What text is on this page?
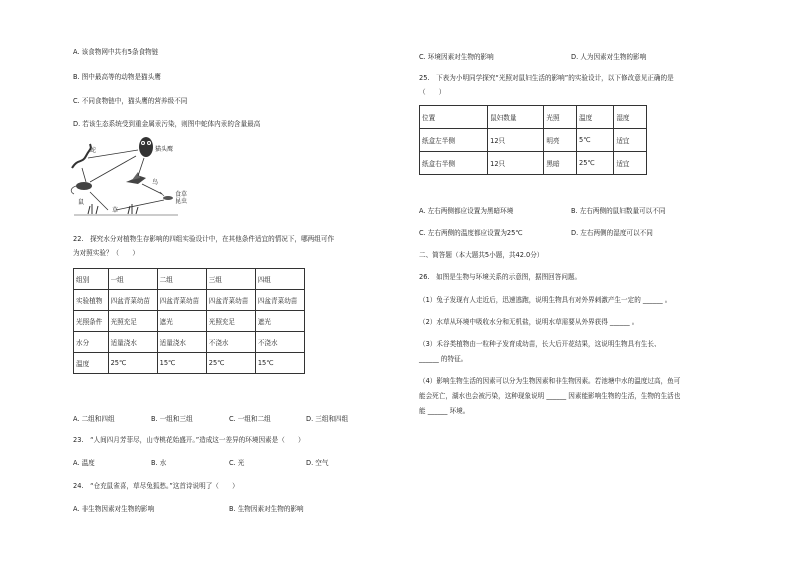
A. 该食物网中共有5条食物链
B. 图中最高等的动物是猫头鹰
C. 不同食物链中，猫头鹰的营养级不同
D. 若该生态系统受到重金属汞污染，则图中蛇体内汞的含量最高
猫头鹰
蛇
鼠
鸟
食草
昆虫
草
22.　探究水分对植物生存影响的四组实验设计中，在其他条件适宜的情况下，哪两组可作
为对照实验？（　　）
组别	一组	二组	三组	四组
实验植物	四盆青菜幼苗	四盆青菜幼苗	四盆青菜幼苗	四盆青菜幼苗
光照条件	光照充足	遮光	光照充足	遮光
水分	适量浇水	适量浇水	不浇水	不浇水
温度	25℃	15℃	25℃	15℃
A. 二组和四组	B. 一组和三组	C. 一组和二组	D. 三组和四组
23.　“人间四月芳菲尽，山寺桃花始盛开。”造成这一差异的环境因素是（　　）
A. 温度	B. 水	C. 光	D. 空气
24.　“仓充鼠雀喜，草尽兔狐愁。”这首诗说明了（　　）
A. 非生物因素对生物的影响	B. 生物因素对生物的影响
C. 环境因素对生物的影响	D. 人为因素对生物的影响
25.　下表为小明同学探究“光照对鼠妇生活的影响”的实验设计，以下修改意见正确的是
（　　）
位置	鼠妇数量	光照	温度	湿度
纸盒左半侧	12只	明亮	5℃	适宜
纸盒右半侧	12只	黑暗	25℃	适宜
A. 左右两侧都应设置为黑暗环境	B. 左右两侧的鼠妇数量可以不同
C. 左右两侧的温度都应设置为25℃	D. 左右两侧的湿度可以不同
二、简答题（本大题共5小题，共42.0分）
26.　如图是生物与环境关系的示意图，据图回答问题。
（1）兔子发现有人走近后，迅速逃跑，说明生物具有对外界刺激产生一定的 ______ 。
（2）水草从环境中吸收水分和无机盐，说明水草需要从外界获得 ______ 。
（3）禾谷类植物由一粒种子发育成幼苗，长大后开花结果，这说明生物具有生长、
______ 的特征。
（4）影响生物生活的因素可以分为生物因素和非生物因素。若池塘中水的温度过高，鱼可
能会死亡，湖水也会被污染，这种现象说明 ______ 因素能影响生物的生活，生物的生活也
能 ______ 环境。
